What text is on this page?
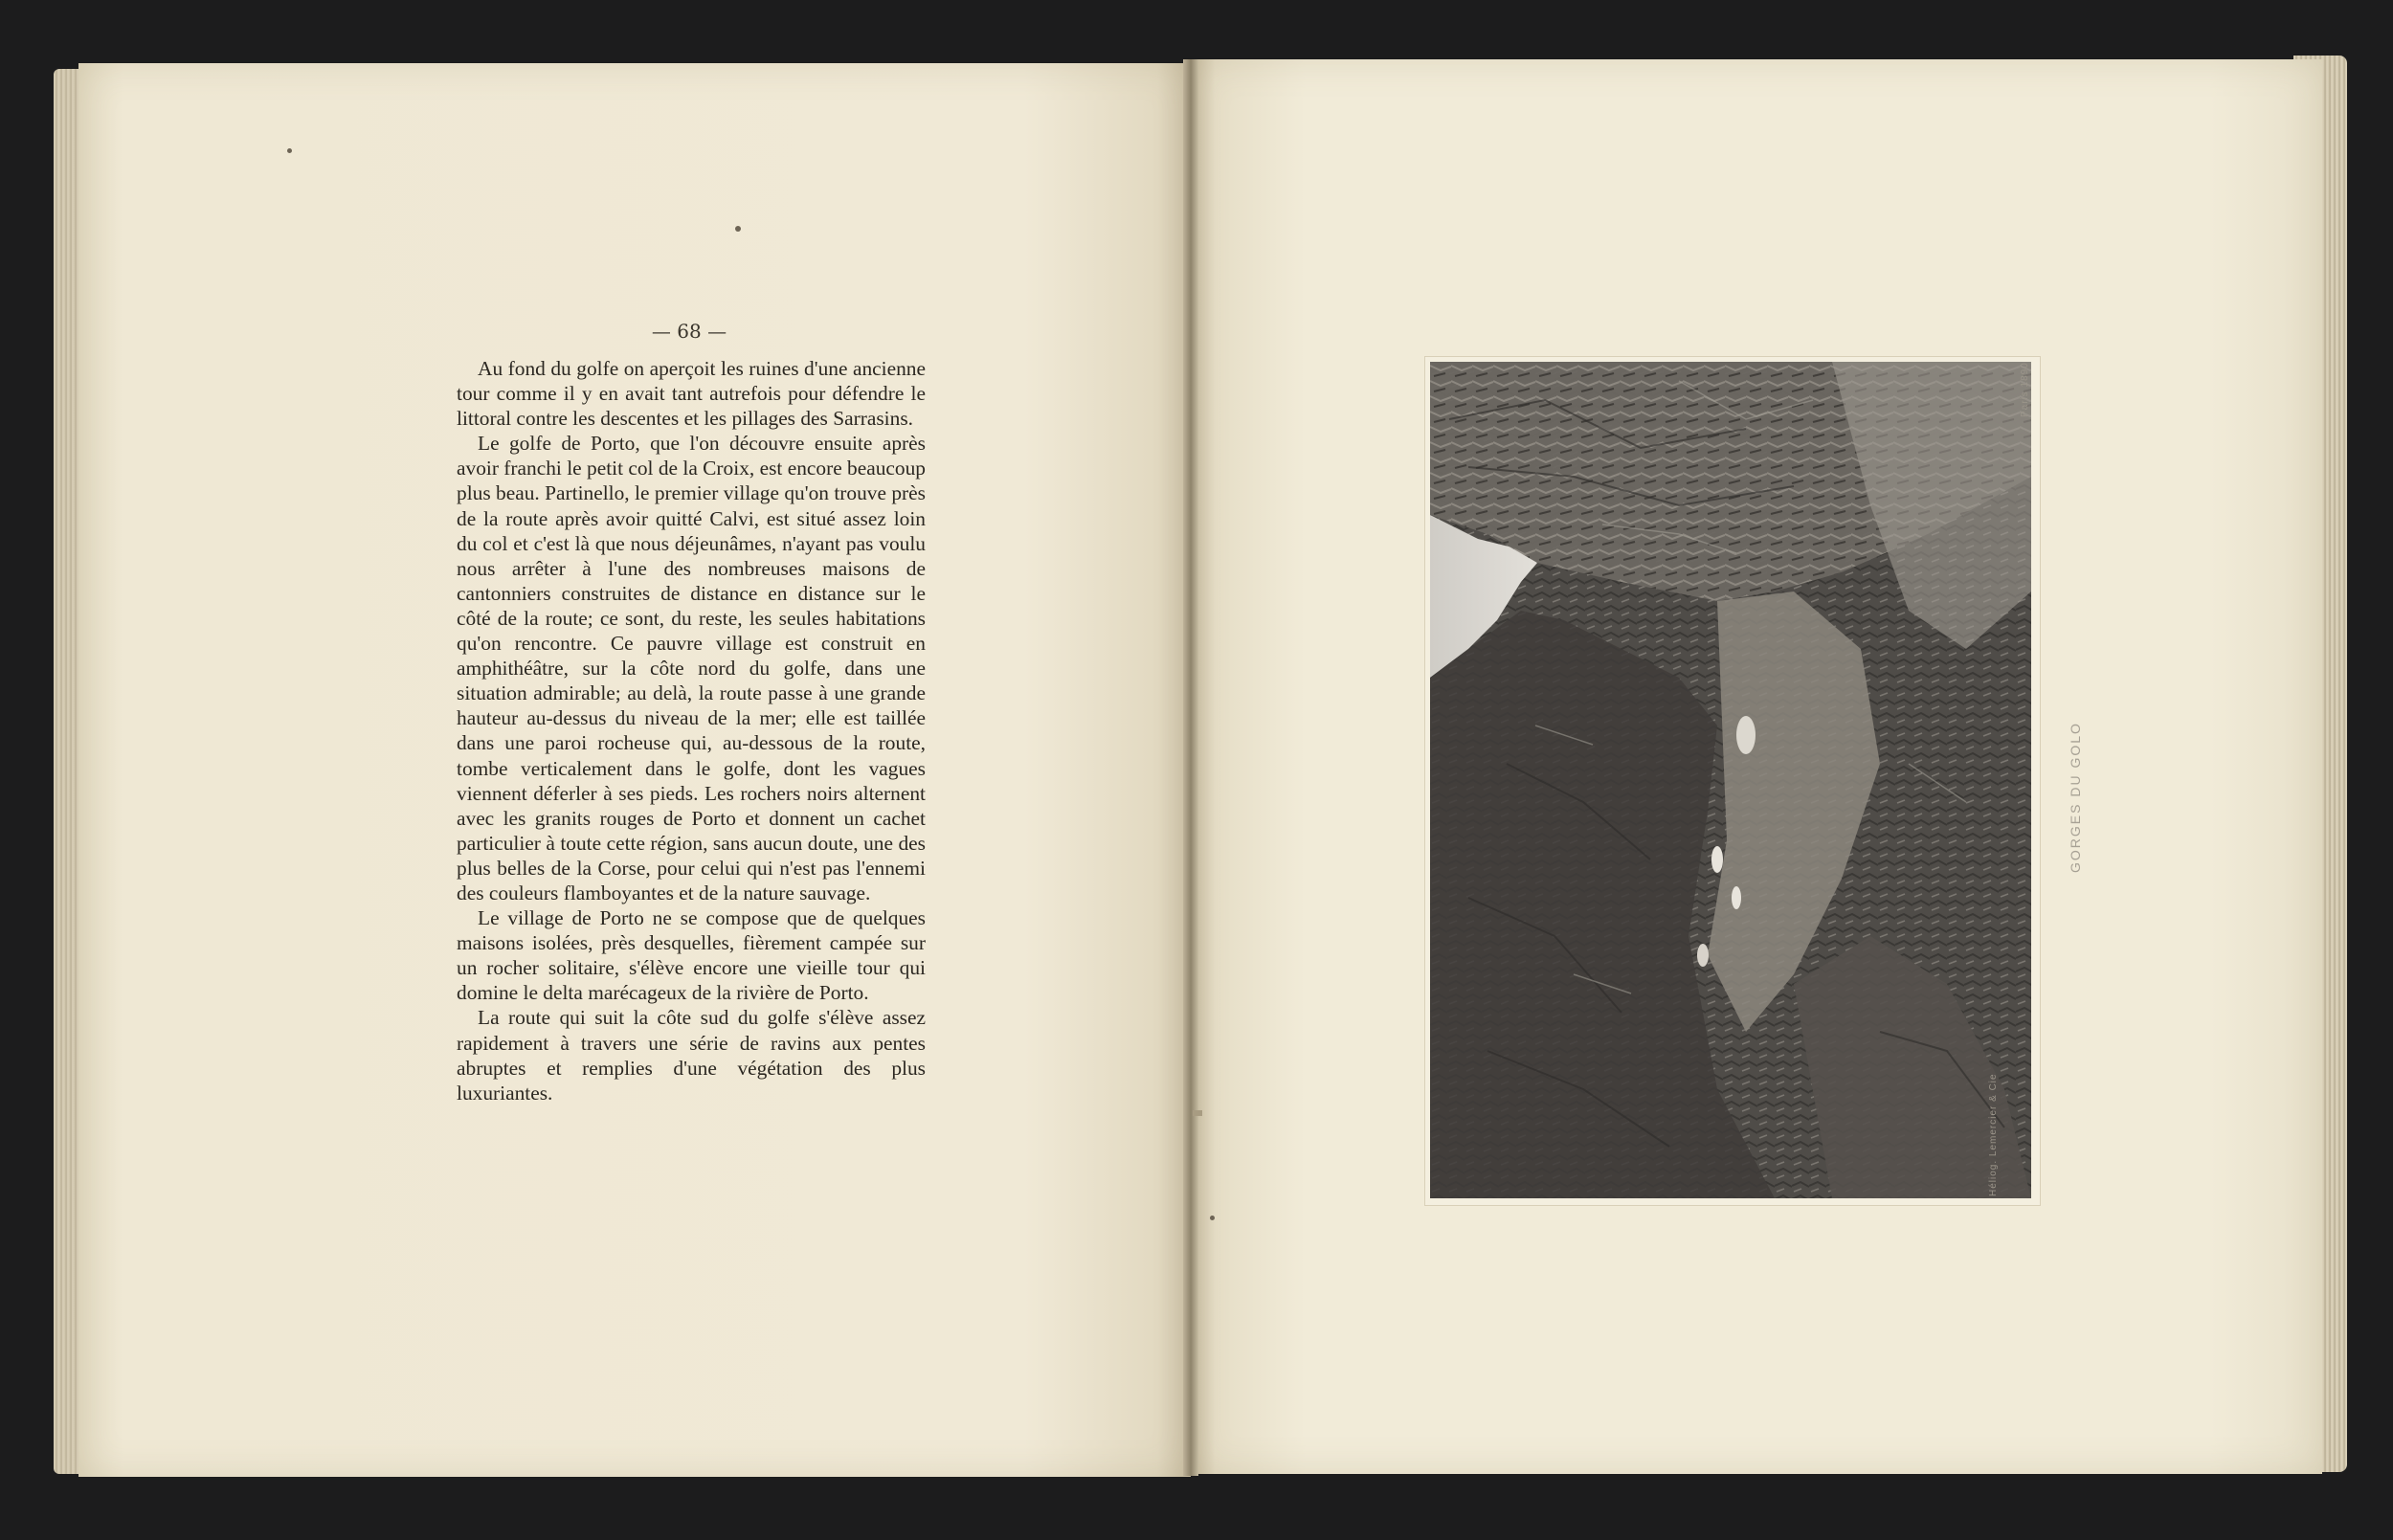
— 68 —

Au fond du golfe on aperçoit les ruines d'une ancienne tour comme il y en avait tant autrefois pour défendre le littoral contre les descentes et les pillages des Sarrasins.

Le golfe de Porto, que l'on découvre ensuite après avoir franchi le petit col de la Croix, est encore beaucoup plus beau. Partinello, le premier village qu'on trouve près de la route après avoir quitté Calvi, est situé assez loin du col et c'est là que nous déjeunâmes, n'ayant pas voulu nous arrêter à l'une des nombreuses maisons de cantonniers construites de distance en distance sur le côté de la route; ce sont, du reste, les seules habitations qu'on rencontre. Ce pauvre village est construit en amphithéâtre, sur la côte nord du golfe, dans une situation admirable; au delà, la route passe à une grande hauteur au-dessus du niveau de la mer; elle est taillée dans une paroi rocheuse qui, au-dessous de la route, tombe verticalement dans le golfe, dont les vagues viennent déferler à ses pieds. Les rochers noirs alternent avec les granits rouges de Porto et donnent un cachet particulier à toute cette région, sans aucun doute, une des plus belles de la Corse, pour celui qui n'est pas l'ennemi des couleurs flamboyantes et de la nature sauvage.

Le village de Porto ne se compose que de quelques maisons isolées, près desquelles, fièrement campée sur un rocher solitaire, s'élève encore une vieille tour qui domine le delta marécageux de la rivière de Porto.

La route qui suit la côte sud du golfe s'élève assez rapidement à travers une série de ravins aux pentes abruptes et remplies d'une végétation des plus luxuriantes.	Héliog. Lemercier & Cie
Paris 1890
GORGES DU GOLO
